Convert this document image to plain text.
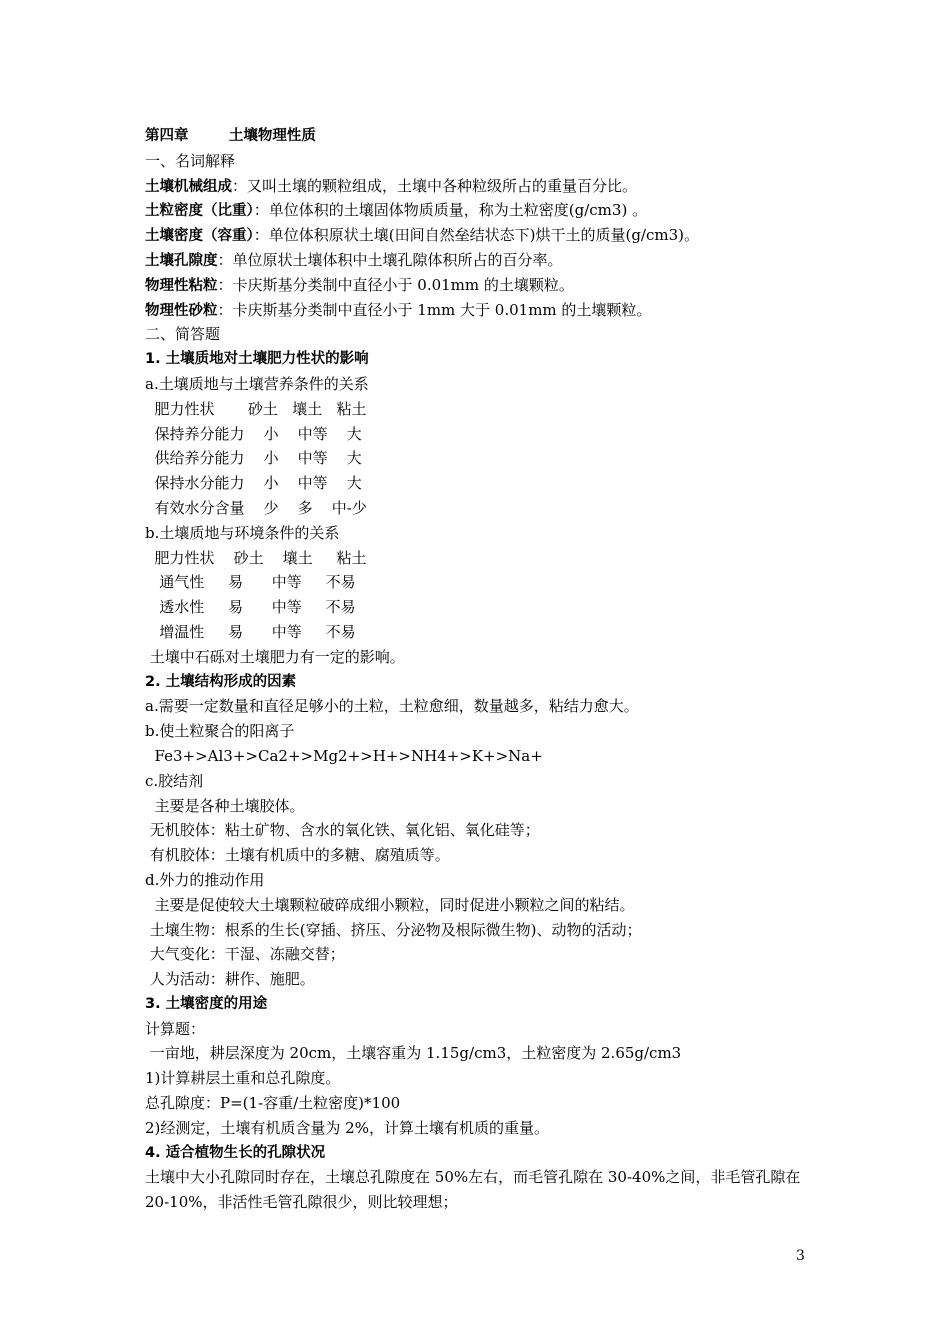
第四章	土壤物理性质
一、名词解释
土壤机械组成：又叫土壤的颗粒组成，土壤中各种粒级所占的重量百分比。
土粒密度（比重）：单位体积的土壤固体物质质量，称为土粒密度(g/cm3) 。
土壤密度（容重）：单位体积原状土壤(田间自然垒结状态下)烘干土的质量(g/cm3)。
土壤孔隙度：单位原状土壤体积中土壤孔隙体积所占的百分率。
物理性粘粒：卡庆斯基分类制中直径小于 0.01mm 的土壤颗粒。
物理性砂粒：卡庆斯基分类制中直径小于 1mm 大于 0.01mm 的土壤颗粒。
二、简答题
1. 土壤质地对土壤肥力性状的影响
a.土壤质地与土壤营养条件的关系
肥力性状       砂土   壤土   粘土
保持养分能力    小    中等    大
供给养分能力    小    中等    大
保持水分能力    小    中等    大
有效水分含量    少    多    中-少
b.土壤质地与环境条件的关系
肥力性状    砂土    壤土     粘土
通气性     易      中等     不易
透水性     易      中等     不易
增温性     易      中等     不易
土壤中石砾对土壤肥力有一定的影响。
2. 土壤结构形成的因素
a.需要一定数量和直径足够小的土粒，土粒愈细，数量越多，粘结力愈大。
b.使土粒聚合的阳离子
Fe3+>Al3+>Ca2+>Mg2+>H+>NH4+>K+>Na+
c.胶结剂
主要是各种土壤胶体。
无机胶体：粘土矿物、含水的氧化铁、氧化铝、氧化硅等；
有机胶体：土壤有机质中的多糖、腐殖质等。
d.外力的推动作用
主要是促使较大土壤颗粒破碎成细小颗粒，同时促进小颗粒之间的粘结。
土壤生物：根系的生长(穿插、挤压、分泌物及根际微生物)、动物的活动；
大气变化：干湿、冻融交替；
人为活动：耕作、施肥。
3. 土壤密度的用途
计算题：
一亩地，耕层深度为 20cm，土壤容重为 1.15g/cm3，土粒密度为 2.65g/cm3
1)计算耕层土重和总孔隙度。
总孔隙度：P=(1-容重/土粒密度)*100
2)经测定，土壤有机质含量为 2%，计算土壤有机质的重量。
4. 适合植物生长的孔隙状况
土壤中大小孔隙同时存在，土壤总孔隙度在 50%左右，而毛管孔隙在 30-40%之间，非毛管孔隙在 20-10%，非活性毛管孔隙很少，则比较理想；
3
